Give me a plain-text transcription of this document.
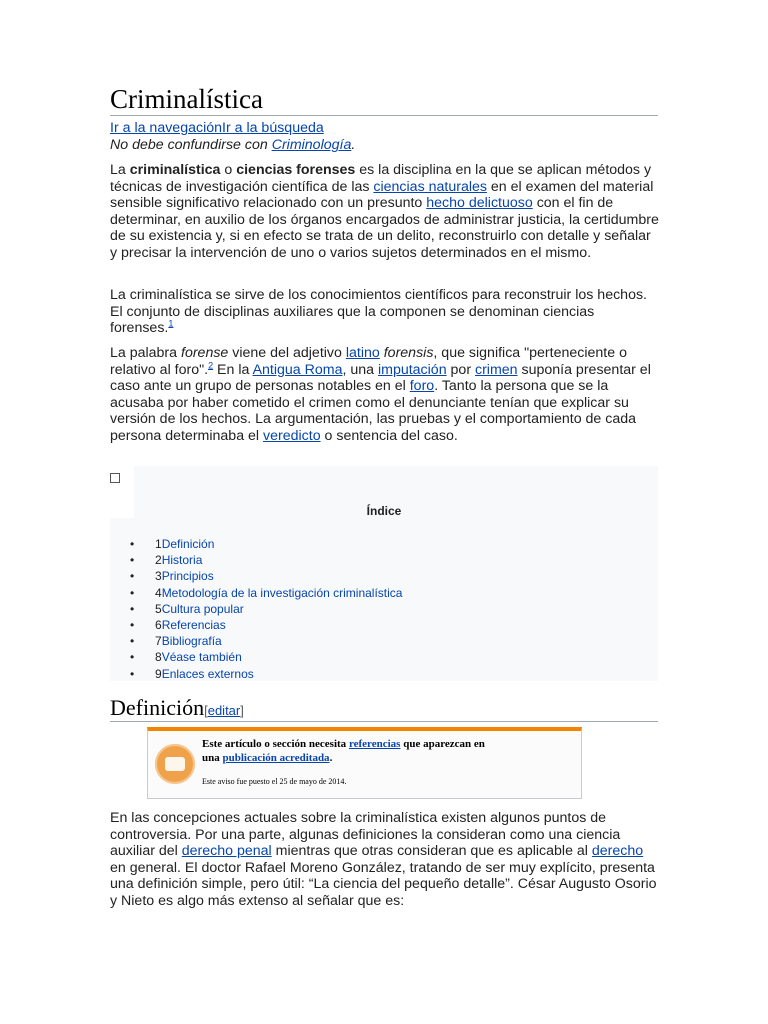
Criminalística
Ir a la navegaciónIr a la búsqueda
No debe confundirse con Criminología.
La criminalística o ciencias forenses es la disciplina en la que se aplican métodos y técnicas de investigación científica de las ciencias naturales en el examen del material sensible significativo relacionado con un presunto hecho delictuoso con el fin de determinar, en auxilio de los órganos encargados de administrar justicia, la certidumbre de su existencia y, si en efecto se trata de un delito, reconstruirlo con detalle y señalar y precisar la intervención de uno o varios sujetos determinados en el mismo.
La criminalística se sirve de los conocimientos científicos para reconstruir los hechos. El conjunto de disciplinas auxiliares que la componen se denominan ciencias forenses.$^1$
La palabra forense viene del adjetivo latino forensis, que significa "perteneciente o relativo al foro".$^2$ En la Antigua Roma, una imputación por crimen suponía presentar el caso ante un grupo de personas notables en el foro. Tanto la persona que se la acusaba por haber cometido el crimen como el denunciante tenían que explicar su versión de los hechos. La argumentación, las pruebas y el comportamiento de cada persona determinaba el veredicto o sentencia del caso.
Índice
• 1Definición
• 2Historia
• 3Principios
• 4Metodología de la investigación criminalística
• 5Cultura popular
• 6Referencias
• 7Bibliografía
• 8Véase también
• 9Enlaces externos
Definición[editar]
Este artículo o sección necesita referencias que aparezcan en
una publicación acreditada.
Este aviso fue puesto el 25 de mayo de 2014.
En las concepciones actuales sobre la criminalística existen algunos puntos de controversia. Por una parte, algunas definiciones la consideran como una ciencia auxiliar del derecho penal mientras que otras consideran que es aplicable al derecho en general. El doctor Rafael Moreno González, tratando de ser muy explícito, presenta una definición simple, pero útil: “La ciencia del pequeño detalle”. César Augusto Osorio y Nieto es algo más extenso al señalar que es:
